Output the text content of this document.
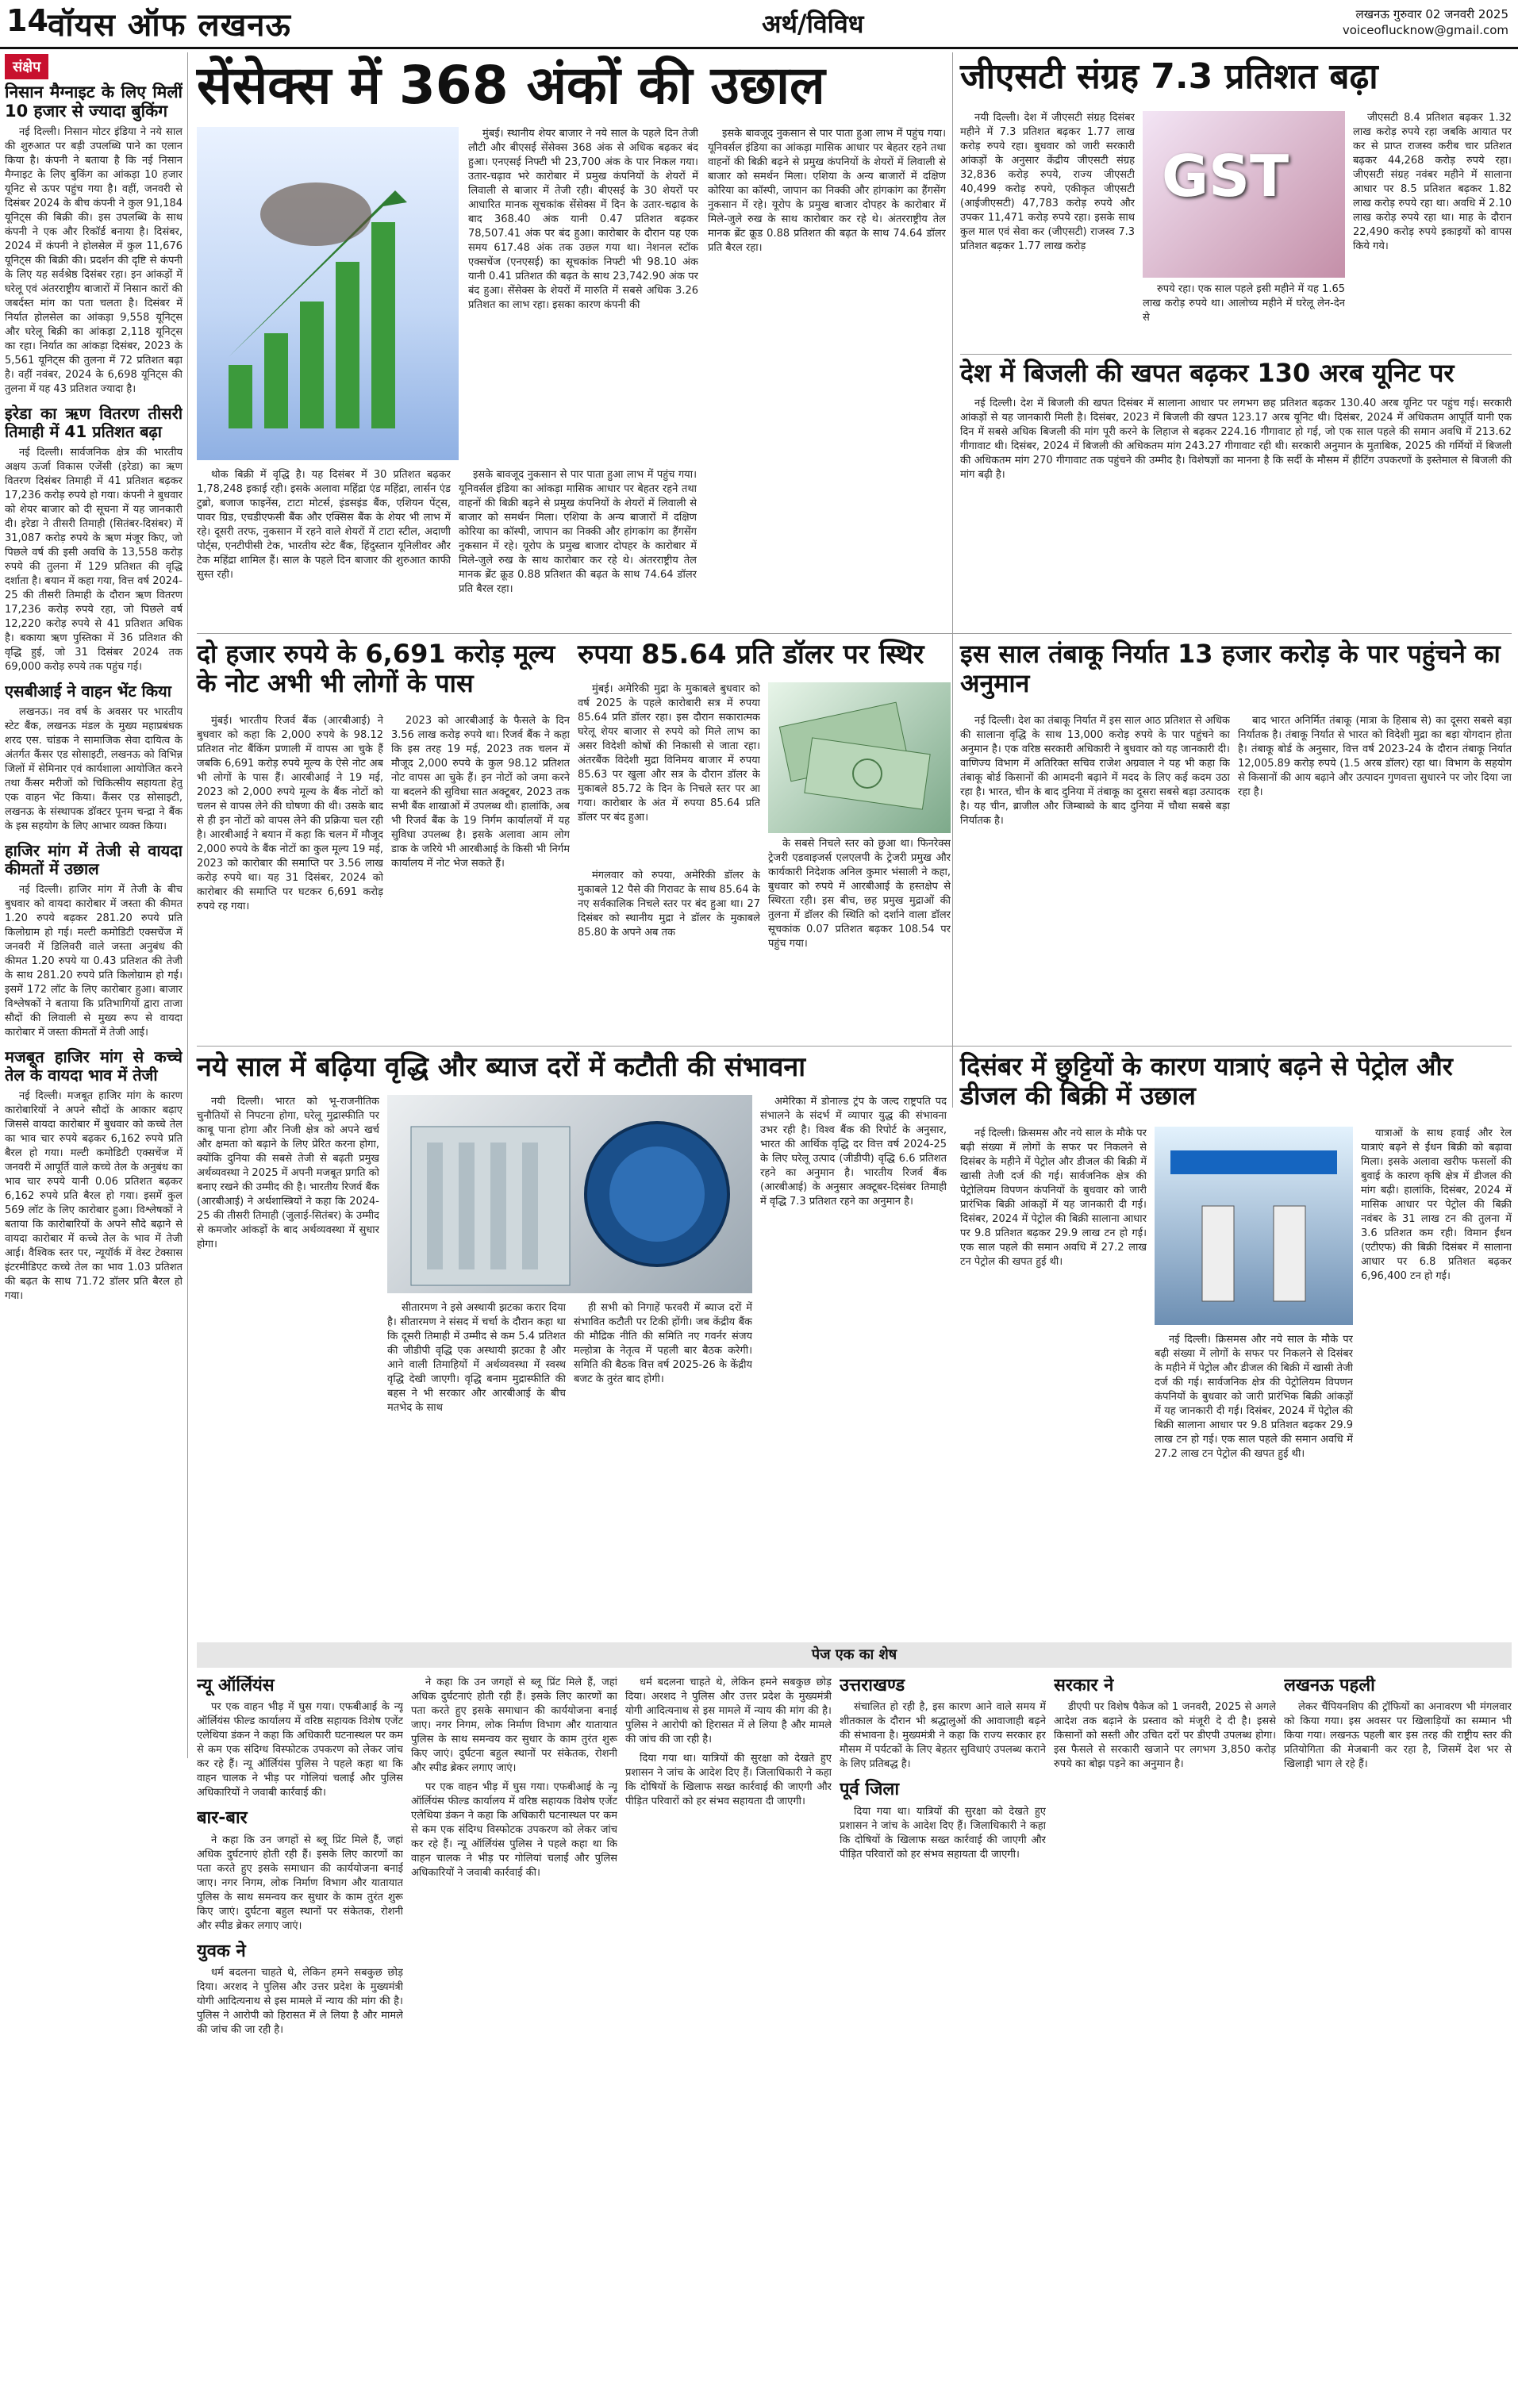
14 वॉयस ऑफ लखनऊ	अर्थ/विविध	लखनऊ गुरुवार 02 जनवरी 2025
voiceoflucknow@gmail.com
संक्षेप
निसान मैग्नाइट के लिए मिलीं 10 हजार से ज्यादा बुकिंग

नई दिल्ली। निसान मोटर इंडिया ने नये साल की शुरुआत पर बड़ी उपलब्धि पाने का एलान किया है। कंपनी ने बताया है कि नई निसान मैग्नाइट के लिए बुकिंग का आंकड़ा 10 हजार यूनिट से ऊपर पहुंच गया है। वहीं, जनवरी से दिसंबर 2024 के बीच कंपनी ने कुल 91,184 यूनिट्स की बिक्री की। इस उपलब्धि के साथ कंपनी ने एक और रिकॉर्ड बनाया है। दिसंबर, 2024 में कंपनी ने होलसेल में कुल 11,676 यूनिट्स की बिक्री की। प्रदर्शन की दृष्टि से कंपनी के लिए यह सर्वश्रेष्ठ दिसंबर रहा। इन आंकड़ों में घरेलू एवं अंतरराष्ट्रीय बाजारों में निसान कारों की जबर्दस्त मांग का पता चलता है। दिसंबर में निर्यात होलसेल का आंकड़ा 9,558 यूनिट्स और घरेलू बिक्री का आंकड़ा 2,118 यूनिट्स का रहा। निर्यात का आंकड़ा दिसंबर, 2023 के 5,561 यूनिट्स की तुलना में 72 प्रतिशत बढ़ा है। वहीं नवंबर, 2024 के 6,698 यूनिट्स की तुलना में यह 43 प्रतिशत ज्यादा है।

इरेडा का ऋण वितरण तीसरी तिमाही में 41 प्रतिशत बढ़ा

नई दिल्ली। सार्वजनिक क्षेत्र की भारतीय अक्षय ऊर्जा विकास एजेंसी (इरेडा) का ऋण वितरण दिसंबर तिमाही में 41 प्रतिशत बढ़कर 17,236 करोड़ रुपये हो गया। कंपनी ने बुधवार को शेयर बाजार को दी सूचना में यह जानकारी दी। इरेडा ने तीसरी तिमाही (सितंबर-दिसंबर) में 31,087 करोड़ रुपये के ऋण मंजूर किए, जो पिछले वर्ष की इसी अवधि के 13,558 करोड़ रुपये की तुलना में 129 प्रतिशत की वृद्धि दर्शाता है। बयान में कहा गया, वित्त वर्ष 2024-25 की तीसरी तिमाही के दौरान ऋण वितरण 17,236 करोड़ रुपये रहा, जो पिछले वर्ष 12,220 करोड़ रुपये से 41 प्रतिशत अधिक है। बकाया ऋण पुस्तिका में 36 प्रतिशत की वृद्धि हुई, जो 31 दिसंबर 2024 तक 69,000 करोड़ रुपये तक पहुंच गई।

एसबीआई ने वाहन भेंट किया

लखनऊ। नव वर्ष के अवसर पर भारतीय स्टेट बैंक, लखनऊ मंडल के मुख्य महाप्रबंधक शरद एस. चांडक ने सामाजिक सेवा दायित्व के अंतर्गत कैंसर एड सोसाइटी, लखनऊ को विभिन्न जिलों में सेमिनार एवं कार्यशाला आयोजित करने तथा कैंसर मरीजों को चिकित्सीय सहायता हेतु एक वाहन भेंट किया। कैंसर एड सोसाइटी, लखनऊ के संस्थापक डॉक्टर पूनम चन्द्रा ने बैंक के इस सहयोग के लिए आभार व्यक्त किया।

हाजिर मांग में तेजी से वायदा कीमतों में उछाल

नई दिल्ली। हाजिर मांग में तेजी के बीच बुधवार को वायदा कारोबार में जस्ता की कीमत 1.20 रुपये बढ़कर 281.20 रुपये प्रति किलोग्राम हो गई। मल्टी कमोडिटी एक्सचेंज में जनवरी में डिलिवरी वाले जस्ता अनुबंध की कीमत 1.20 रुपये या 0.43 प्रतिशत की तेजी के साथ 281.20 रुपये प्रति किलोग्राम हो गई। इसमें 172 लॉट के लिए कारोबार हुआ। बाजार विश्लेषकों ने बताया कि प्रतिभागियों द्वारा ताजा सौदों की लिवाली से मुख्य रूप से वायदा कारोबार में जस्ता कीमतों में तेजी आई।

मजबूत हाजिर मांग से कच्चे तेल के वायदा भाव में तेजी

नई दिल्ली। मजबूत हाजिर मांग के कारण कारोबारियों ने अपने सौदों के आकार बढ़ाए जिससे वायदा कारोबार में बुधवार को कच्चे तेल का भाव चार रुपये बढ़कर 6,162 रुपये प्रति बैरल हो गया। मल्टी कमोडिटी एक्सचेंज में जनवरी में आपूर्ति वाले कच्चे तेल के अनुबंध का भाव चार रुपये यानी 0.06 प्रतिशत बढ़कर 6,162 रुपये प्रति बैरल हो गया। इसमें कुल 569 लॉट के लिए कारोबार हुआ। विश्लेषकों ने बताया कि कारोबारियों के अपने सौदे बढ़ाने से वायदा कारोबार में कच्चे तेल के भाव में तेजी आई। वैश्विक स्तर पर, न्यूयॉर्क में वेस्ट टेक्सास इंटरमीडिएट कच्चे तेल का भाव 1.03 प्रतिशत की बढ़त के साथ 71.72 डॉलर प्रति बैरल हो गया।

सेंसेक्स में 368 अंकों की उछाल

मुंबई। स्थानीय शेयर बाजार ने नये साल के पहले दिन तेजी लौटी और बीएसई सेंसेक्स 368 अंक से अधिक बढ़कर बंद हुआ। एनएसई निफ्टी भी 23,700 अंक के पार निकल गया। उतार-चढ़ाव भरे कारोबार में प्रमुख कंपनियों के शेयरों में लिवाली से बाजार में तेजी रही। बीएसई के 30 शेयरों पर आधारित मानक सूचकांक सेंसेक्स में दिन के उतार-चढ़ाव के बाद 368.40 अंक यानी 0.47 प्रतिशत बढ़कर 78,507.41 अंक पर बंद हुआ। कारोबार के दौरान यह एक समय 617.48 अंक तक उछल गया था। नेशनल स्टॉक एक्सचेंज (एनएसई) का सूचकांक निफ्टी भी 98.10 अंक यानी 0.41 प्रतिशत की बढ़त के साथ 23,742.90 अंक पर बंद हुआ। सेंसेक्स के शेयरों में मारुति में सबसे अधिक 3.26 प्रतिशत का लाभ रहा। इसका कारण कंपनी की

थोक बिक्री में वृद्धि है। यह दिसंबर में 30 प्रतिशत बढ़कर 1,78,248 इकाई रही। इसके अलावा महिंद्रा एंड महिंद्रा, लार्सन एंड टुब्रो, बजाज फाइनेंस, टाटा मोटर्स, इंडसइंड बैंक, एशियन पेंट्स, पावर ग्रिड, एचडीएफसी बैंक और एक्सिस बैंक के शेयर भी लाभ में रहे। दूसरी तरफ, नुकसान में रहने वाले शेयरों में टाटा स्टील, अदाणी पोर्ट्स, एनटीपीसी टेक, भारतीय स्टेट बैंक, हिंदुस्तान यूनिलीवर और टेक महिंद्रा शामिल हैं। साल के पहले दिन बाजार की शुरुआत काफी सुस्त रही।

इसके बावजूद नुकसान से पार पाता हुआ लाभ में पहुंच गया। यूनिवर्सल इंडिया का आंकड़ा मासिक आधार पर बेहतर रहने तथा वाहनों की बिक्री बढ़ने से प्रमुख कंपनियों के शेयरों में लिवाली से बाजार को समर्थन मिला। एशिया के अन्य बाजारों में दक्षिण कोरिया का कॉस्पी, जापान का निक्की और हांगकांग का हैंगसेंग नुकसान में रहे। यूरोप के प्रमुख बाजार दोपहर के कारोबार में मिले-जुले रुख के साथ कारोबार कर रहे थे। अंतरराष्ट्रीय तेल मानक ब्रेंट क्रूड 0.88 प्रतिशत की बढ़त के साथ 74.64 डॉलर प्रति बैरल रहा।

इसके बावजूद नुकसान से पार पाता हुआ लाभ में पहुंच गया। यूनिवर्सल इंडिया का आंकड़ा मासिक आधार पर बेहतर रहने तथा वाहनों की बिक्री बढ़ने से प्रमुख कंपनियों के शेयरों में लिवाली से बाजार को समर्थन मिला। एशिया के अन्य बाजारों में दक्षिण कोरिया का कॉस्पी, जापान का निक्की और हांगकांग का हैंगसेंग नुकसान में रहे। यूरोप के प्रमुख बाजार दोपहर के कारोबार में मिले-जुले रुख के साथ कारोबार कर रहे थे। अंतरराष्ट्रीय तेल मानक ब्रेंट क्रूड 0.88 प्रतिशत की बढ़त के साथ 74.64 डॉलर प्रति बैरल रहा।

जीएसटी संग्रह 7.3 प्रतिशत बढ़ा

नयी दिल्ली। देश में जीएसटी संग्रह दिसंबर महीने में 7.3 प्रतिशत बढ़कर 1.77 लाख करोड़ रुपये रहा। बुधवार को जारी सरकारी आंकड़ों के अनुसार केंद्रीय जीएसटी संग्रह 32,836 करोड़ रुपये, राज्य जीएसटी 40,499 करोड़ रुपये, एकीकृत जीएसटी (आईजीएसटी) 47,783 करोड़ रुपये और उपकर 11,471 करोड़ रुपये रहा। इसके साथ कुल माल एवं सेवा कर (जीएसटी) राजस्व 7.3 प्रतिशत बढ़कर 1.77 लाख करोड़

GST

रुपये रहा। एक साल पहले इसी महीने में यह 1.65 लाख करोड़ रुपये था। आलोच्य महीने में घरेलू लेन-देन से

जीएसटी 8.4 प्रतिशत बढ़कर 1.32 लाख करोड़ रुपये रहा जबकि आयात पर कर से प्राप्त राजस्व करीब चार प्रतिशत बढ़कर 44,268 करोड़ रुपये रहा। जीएसटी संग्रह नवंबर महीने में सालाना आधार पर 8.5 प्रतिशत बढ़कर 1.82 लाख करोड़ रुपये रहा था। अवधि में 2.10 लाख करोड़ रुपये रहा था। माह के दौरान 22,490 करोड़ रुपये इकाइयों को वापस किये गये।

देश में बिजली की खपत बढ़कर 130 अरब यूनिट पर

नई दिल्ली। देश में बिजली की खपत दिसंबर में सालाना आधार पर लगभग छह प्रतिशत बढ़कर 130.40 अरब यूनिट पर पहुंच गई। सरकारी आंकड़ों से यह जानकारी मिली है। दिसंबर, 2023 में बिजली की खपत 123.17 अरब यूनिट थी। दिसंबर, 2024 में अधिकतम आपूर्ति यानी एक दिन में सबसे अधिक बिजली की मांग पूरी करने के लिहाज से बढ़कर 224.16 गीगावाट हो गई, जो एक साल पहले की समान अवधि में 213.62 गीगावाट थी। दिसंबर, 2024 में बिजली की अधिकतम मांग 243.27 गीगावाट रही थी। सरकारी अनुमान के मुताबिक, 2025 की गर्मियों में बिजली की अधिकतम मांग 270 गीगावाट तक पहुंचने की उम्मीद है। विशेषज्ञों का मानना है कि सर्दी के मौसम में हीटिंग उपकरणों के इस्तेमाल से बिजली की मांग बढ़ी है।

दो हजार रुपये के 6,691 करोड़ मूल्य के नोट अभी भी लोगों के पास

मुंबई। भारतीय रिजर्व बैंक (आरबीआई) ने बुधवार को कहा कि 2,000 रुपये के 98.12 प्रतिशत नोट बैंकिंग प्रणाली में वापस आ चुके हैं जबकि 6,691 करोड़ रुपये मूल्य के ऐसे नोट अब भी लोगों के पास हैं। आरबीआई ने 19 मई, 2023 को 2,000 रुपये मूल्य के बैंक नोटों को चलन से वापस लेने की घोषणा की थी। उसके बाद से ही इन नोटों को वापस लेने की प्रक्रिया चल रही है। आरबीआई ने बयान में कहा कि चलन में मौजूद 2,000 रुपये के बैंक नोटों का कुल मूल्य 19 मई, 2023 को कारोबार की समाप्ति पर 3.56 लाख करोड़ रुपये था। यह 31 दिसंबर, 2024 को कारोबार की समाप्ति पर घटकर 6,691 करोड़ रुपये रह गया।

2023 को आरबीआई के फैसले के दिन 3.56 लाख करोड़ रुपये था। रिजर्व बैंक ने कहा कि इस तरह 19 मई, 2023 तक चलन में मौजूद 2,000 रुपये के कुल 98.12 प्रतिशत नोट वापस आ चुके हैं। इन नोटों को जमा करने या बदलने की सुविधा सात अक्टूबर, 2023 तक सभी बैंक शाखाओं में उपलब्ध थी। हालांकि, अब भी रिजर्व बैंक के 19 निर्गम कार्यालयों में यह सुविधा उपलब्ध है। इसके अलावा आम लोग डाक के जरिये भी आरबीआई के किसी भी निर्गम कार्यालय में नोट भेज सकते हैं।

रुपया 85.64 प्रति डॉलर पर स्थिर

मुंबई। अमेरिकी मुद्रा के मुकाबले बुधवार को वर्ष 2025 के पहले कारोबारी सत्र में रुपया 85.64 प्रति डॉलर रहा। इस दौरान सकारात्मक घरेलू शेयर बाजार से रुपये को मिले लाभ का असर विदेशी कोषों की निकासी से जाता रहा। अंतरबैंक विदेशी मुद्रा विनिमय बाजार में रुपया 85.63 पर खुला और सत्र के दौरान डॉलर के मुकाबले 85.72 के दिन के निचले स्तर पर आ गया। कारोबार के अंत में रुपया 85.64 प्रति डॉलर पर बंद हुआ।

के सबसे निचले स्तर को छुआ था। फिनरेक्स ट्रेजरी एडवाइजर्स एलएलपी के ट्रेजरी प्रमुख और कार्यकारी निदेशक अनिल कुमार भंसाली ने कहा, बुधवार को रुपये में आरबीआई के हस्तक्षेप से स्थिरता रही। इस बीच, छह प्रमुख मुद्राओं की तुलना में डॉलर की स्थिति को दर्शाने वाला डॉलर सूचकांक 0.07 प्रतिशत बढ़कर 108.54 पर पहुंच गया।

मंगलवार को रुपया, अमेरिकी डॉलर के मुकाबले 12 पैसे की गिरावट के साथ 85.64 के नए सर्वकालिक निचले स्तर पर बंद हुआ था। 27 दिसंबर को स्थानीय मुद्रा ने डॉलर के मुकाबले 85.80 के अपने अब तक

इस साल तंबाकू निर्यात 13 हजार करोड़ के पार पहुंचने का अनुमान

नई दिल्ली। देश का तंबाकू निर्यात में इस साल आठ प्रतिशत से अधिक की सालाना वृद्धि के साथ 13,000 करोड़ रुपये के पार पहुंचने का अनुमान है। एक वरिष्ठ सरकारी अधिकारी ने बुधवार को यह जानकारी दी। वाणिज्य विभाग में अतिरिक्त सचिव राजेश अग्रवाल ने यह भी कहा कि तंबाकू बोर्ड किसानों की आमदनी बढ़ाने में मदद के लिए कई कदम उठा रहा है। भारत, चीन के बाद दुनिया में तंबाकू का दूसरा सबसे बड़ा उत्पादक है। यह चीन, ब्राजील और जिम्बाब्वे के बाद दुनिया में चौथा सबसे बड़ा निर्यातक है।

बाद भारत अनिर्मित तंबाकू (मात्रा के हिसाब से) का दूसरा सबसे बड़ा निर्यातक है। तंबाकू निर्यात से भारत को विदेशी मुद्रा का बड़ा योगदान होता है। तंबाकू बोर्ड के अनुसार, वित्त वर्ष 2023-24 के दौरान तंबाकू निर्यात 12,005.89 करोड़ रुपये (1.5 अरब डॉलर) रहा था। विभाग के सहयोग से किसानों की आय बढ़ाने और उत्पादन गुणवत्ता सुधारने पर जोर दिया जा रहा है।

नये साल में बढ़िया वृद्धि और ब्याज दरों में कटौती की संभावना

नयी दिल्ली। भारत को भू-राजनीतिक चुनौतियों से निपटना होगा, घरेलू मुद्रास्फीति पर काबू पाना होगा और निजी क्षेत्र को अपने खर्च और क्षमता को बढ़ाने के लिए प्रेरित करना होगा, क्योंकि दुनिया की सबसे तेजी से बढ़ती प्रमुख अर्थव्यवस्था ने 2025 में अपनी मजबूत प्रगति को बनाए रखने की उम्मीद की है। भारतीय रिजर्व बैंक (आरबीआई) ने अर्थशास्त्रियों ने कहा कि 2024-25 की तीसरी तिमाही (जुलाई-सितंबर) के उम्मीद से कमजोर आंकड़ों के बाद अर्थव्यवस्था में सुधार होगा।

सीतारमण ने इसे अस्थायी झटका करार दिया है। सीतारमण ने संसद में चर्चा के दौरान कहा था कि दूसरी तिमाही में उम्मीद से कम 5.4 प्रतिशत की जीडीपी वृद्धि एक अस्थायी झटका है और आने वाली तिमाहियों में अर्थव्यवस्था में स्वस्थ वृद्धि देखी जाएगी। वृद्धि बनाम मुद्रास्फीति की बहस ने भी सरकार और आरबीआई के बीच मतभेद के साथ

ही सभी को निगाहें फरवरी में ब्याज दरों में संभावित कटौती पर टिकी होंगी। जब केंद्रीय बैंक की मौद्रिक नीति की समिति नए गवर्नर संजय मल्होत्रा के नेतृत्व में पहली बार बैठक करेगी। समिति की बैठक वित्त वर्ष 2025-26 के केंद्रीय बजट के तुरंत बाद होगी।

अमेरिका में डोनाल्ड ट्रंप के जल्द राष्ट्रपति पद संभालने के संदर्भ में व्यापार युद्ध की संभावना उभर रही है। विश्व बैंक की रिपोर्ट के अनुसार, भारत की आर्थिक वृद्धि दर वित्त वर्ष 2024-25 के लिए घरेलू उत्पाद (जीडीपी) वृद्धि 6.6 प्रतिशत रहने का अनुमान है। भारतीय रिजर्व बैंक (आरबीआई) के अनुसार अक्टूबर-दिसंबर तिमाही में वृद्धि 7.3 प्रतिशत रहने का अनुमान है।

दिसंबर में छुट्टियों के कारण यात्राएं बढ़ने से पेट्रोल और डीजल की बिक्री में उछाल

नई दिल्ली। क्रिसमस और नये साल के मौके पर बढ़ी संख्या में लोगों के सफर पर निकलने से दिसंबर के महीने में पेट्रोल और डीजल की बिक्री में खासी तेजी दर्ज की गई। सार्वजनिक क्षेत्र की पेट्रोलियम विपणन कंपनियों के बुधवार को जारी प्रारंभिक बिक्री आंकड़ों में यह जानकारी दी गई। दिसंबर, 2024 में पेट्रोल की बिक्री सालाना आधार पर 9.8 प्रतिशत बढ़कर 29.9 लाख टन हो गई। एक साल पहले की समान अवधि में 27.2 लाख टन पेट्रोल की खपत हुई थी।

नई दिल्ली। क्रिसमस और नये साल के मौके पर बढ़ी संख्या में लोगों के सफर पर निकलने से दिसंबर के महीने में पेट्रोल और डीजल की बिक्री में खासी तेजी दर्ज की गई। सार्वजनिक क्षेत्र की पेट्रोलियम विपणन कंपनियों के बुधवार को जारी प्रारंभिक बिक्री आंकड़ों में यह जानकारी दी गई। दिसंबर, 2024 में पेट्रोल की बिक्री सालाना आधार पर 9.8 प्रतिशत बढ़कर 29.9 लाख टन हो गई। एक साल पहले की समान अवधि में 27.2 लाख टन पेट्रोल की खपत हुई थी।

यात्राओं के साथ हवाई और रेल यात्राएं बढ़ने से ईंधन बिक्री को बढ़ावा मिला। इसके अलावा खरीफ फसलों की बुवाई के कारण कृषि क्षेत्र में डीजल की मांग बढ़ी। हालांकि, दिसंबर, 2024 में मासिक आधार पर पेट्रोल की बिक्री नवंबर के 31 लाख टन की तुलना में 3.6 प्रतिशत कम रही। विमान ईंधन (एटीएफ) की बिक्री दिसंबर में सालाना आधार पर 6.8 प्रतिशत बढ़कर 6,96,400 टन हो गई।

पेज एक का शेष
न्यू ऑर्लियंस

पर एक वाहन भीड़ में घुस गया। एफबीआई के न्यू ऑर्लियंस फील्ड कार्यालय में वरिष्ठ सहायक विशेष एजेंट एलेथिया डंकन ने कहा कि अधिकारी घटनास्थल पर कम से कम एक संदिग्ध विस्फोटक उपकरण को लेकर जांच कर रहे हैं। न्यू ऑर्लियंस पुलिस ने पहले कहा था कि वाहन चालक ने भीड़ पर गोलियां चलाईं और पुलिस अधिकारियों ने जवाबी कार्रवाई की।

बार-बार

ने कहा कि उन जगहों से ब्लू प्रिंट मिले हैं, जहां अधिक दुर्घटनाएं होती रही हैं। इसके लिए कारणों का पता करते हुए इसके समाधान की कार्ययोजना बनाई जाए। नगर निगम, लोक निर्माण विभाग और यातायात पुलिस के साथ समन्वय कर सुधार के काम तुरंत शुरू किए जाएं। दुर्घटना बहुल स्थानों पर संकेतक, रोशनी और स्पीड ब्रेकर लगाए जाएं।

युवक ने

धर्म बदलना चाहते थे, लेकिन हमने सबकुछ छोड़ दिया। अरशद ने पुलिस और उत्तर प्रदेश के मुख्यमंत्री योगी आदित्यनाथ से इस मामले में न्याय की मांग की है। पुलिस ने आरोपी को हिरासत में ले लिया है और मामले की जांच की जा रही है।

ने कहा कि उन जगहों से ब्लू प्रिंट मिले हैं, जहां अधिक दुर्घटनाएं होती रही हैं। इसके लिए कारणों का पता करते हुए इसके समाधान की कार्ययोजना बनाई जाए। नगर निगम, लोक निर्माण विभाग और यातायात पुलिस के साथ समन्वय कर सुधार के काम तुरंत शुरू किए जाएं। दुर्घटना बहुल स्थानों पर संकेतक, रोशनी और स्पीड ब्रेकर लगाए जाएं।

पर एक वाहन भीड़ में घुस गया। एफबीआई के न्यू ऑर्लियंस फील्ड कार्यालय में वरिष्ठ सहायक विशेष एजेंट एलेथिया डंकन ने कहा कि अधिकारी घटनास्थल पर कम से कम एक संदिग्ध विस्फोटक उपकरण को लेकर जांच कर रहे हैं। न्यू ऑर्लियंस पुलिस ने पहले कहा था कि वाहन चालक ने भीड़ पर गोलियां चलाईं और पुलिस अधिकारियों ने जवाबी कार्रवाई की।

धर्म बदलना चाहते थे, लेकिन हमने सबकुछ छोड़ दिया। अरशद ने पुलिस और उत्तर प्रदेश के मुख्यमंत्री योगी आदित्यनाथ से इस मामले में न्याय की मांग की है। पुलिस ने आरोपी को हिरासत में ले लिया है और मामले की जांच की जा रही है।

दिया गया था। यात्रियों की सुरक्षा को देखते हुए प्रशासन ने जांच के आदेश दिए हैं। जिलाधिकारी ने कहा कि दोषियों के खिलाफ सख्त कार्रवाई की जाएगी और पीड़ित परिवारों को हर संभव सहायता दी जाएगी।

उत्तराखण्ड

संचालित हो रही है, इस कारण आने वाले समय में शीतकाल के दौरान भी श्रद्धालुओं की आवाजाही बढ़ने की संभावना है। मुख्यमंत्री ने कहा कि राज्य सरकार हर मौसम में पर्यटकों के लिए बेहतर सुविधाएं उपलब्ध कराने के लिए प्रतिबद्ध है।

पूर्व जिला

दिया गया था। यात्रियों की सुरक्षा को देखते हुए प्रशासन ने जांच के आदेश दिए हैं। जिलाधिकारी ने कहा कि दोषियों के खिलाफ सख्त कार्रवाई की जाएगी और पीड़ित परिवारों को हर संभव सहायता दी जाएगी।

सरकार ने

डीएपी पर विशेष पैकेज को 1 जनवरी, 2025 से अगले आदेश तक बढ़ाने के प्रस्ताव को मंजूरी दे दी है। इससे किसानों को सस्ती और उचित दरों पर डीएपी उपलब्ध होगा। इस फैसले से सरकारी खजाने पर लगभग 3,850 करोड़ रुपये का बोझ पड़ने का अनुमान है।

लखनऊ पहली

लेकर चैंपियनशिप की ट्रॉफियों का अनावरण भी मंगलवार को किया गया। इस अवसर पर खिलाड़ियों का सम्मान भी किया गया। लखनऊ पहली बार इस तरह की राष्ट्रीय स्तर की प्रतियोगिता की मेजबानी कर रहा है, जिसमें देश भर से खिलाड़ी भाग ले रहे हैं।
